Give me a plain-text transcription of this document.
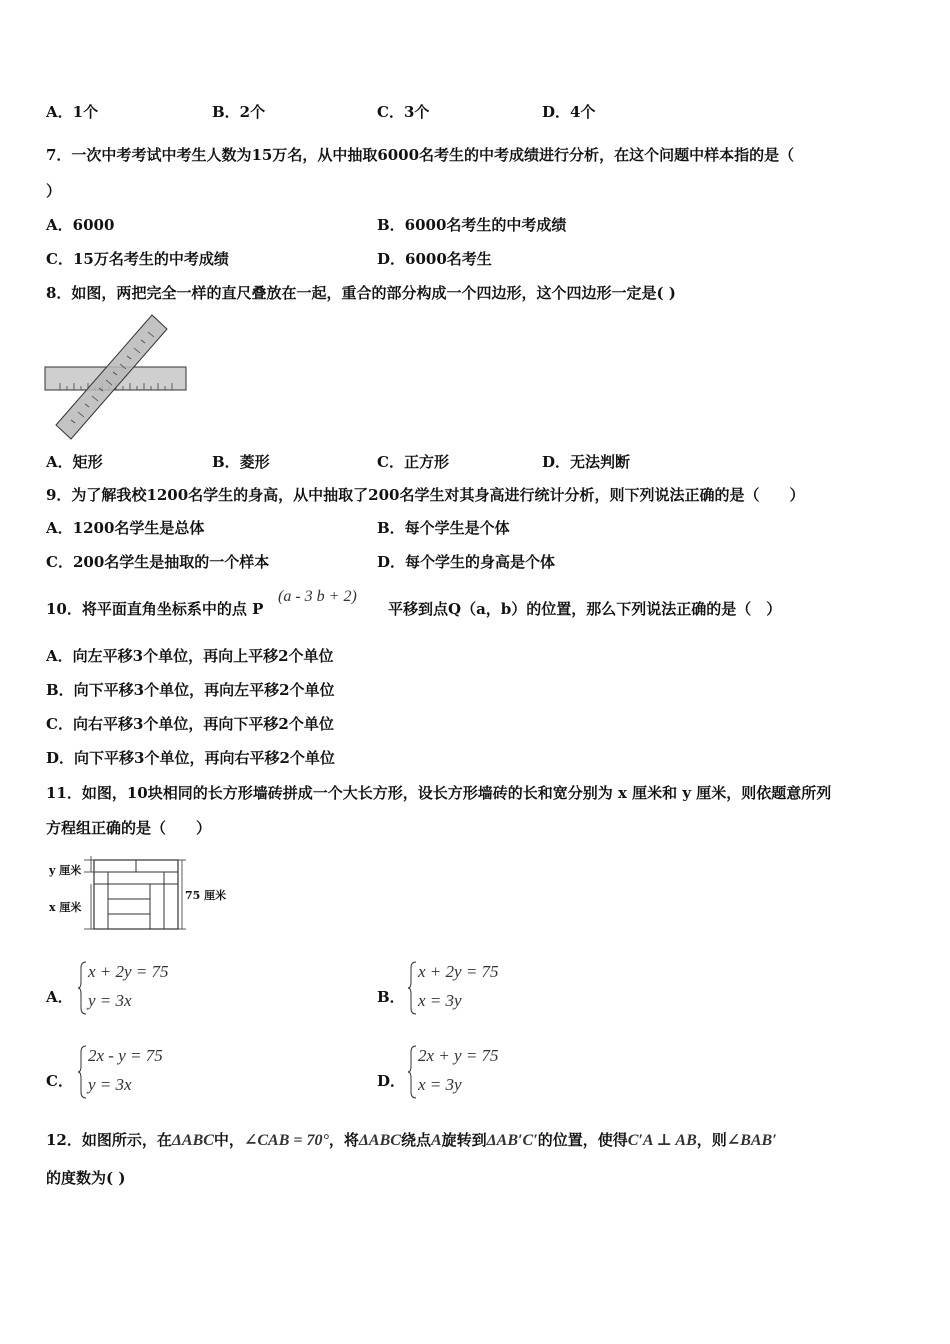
A．1个	B．2个	C．3个	D．4个
7．一次中考考试中考生人数为15万名，从中抽取6000名考生的中考成绩进行分析，在这个问题中样本指的是（
）
A．6000	B．6000名考生的中考成绩
C．15万名考生的中考成绩	D．6000名考生
8．如图，两把完全一样的直尺叠放在一起，重合的部分构成一个四边形，这个四边形一定是( )
A．矩形	B．菱形	C．正方形	D．无法判断
9．为了解我校1200名学生的身高，从中抽取了200名学生对其身高进行统计分析，则下列说法正确的是（　　）
A．1200名学生是总体	B．每个学生是个体
C．200名学生是抽取的一个样本	D．每个学生的身高是个体
10．将平面直角坐标系中的点 P
(a - 3 b + 2)
平移到点Q（a，b）的位置，那么下列说法正确的是（　）
A．向左平移3个单位，再向上平移2个单位
B．向下平移3个单位，再向左平移2个单位
C．向右平移3个单位，再向下平移2个单位
D．向下平移3个单位，再向右平移2个单位
11．如图，10块相同的长方形墙砖拼成一个大长方形，设长方形墙砖的长和宽分别为 x 厘米和 y 厘米，则依题意所列
方程组正确的是（　　）
y 厘米
x 厘米
75 厘米
A．
x + 2y = 75
y = 3x	B．
x + 2y = 75
x = 3y
C．
2x - y = 75
y = 3x	D．
2x + y = 75
x = 3y
12．如图所示，在ΔABC中，∠CAB = 70°，将ΔABC绕点A旋转到ΔAB′C′的位置，使得C′A ⊥ AB，则∠BAB′
的度数为( )
